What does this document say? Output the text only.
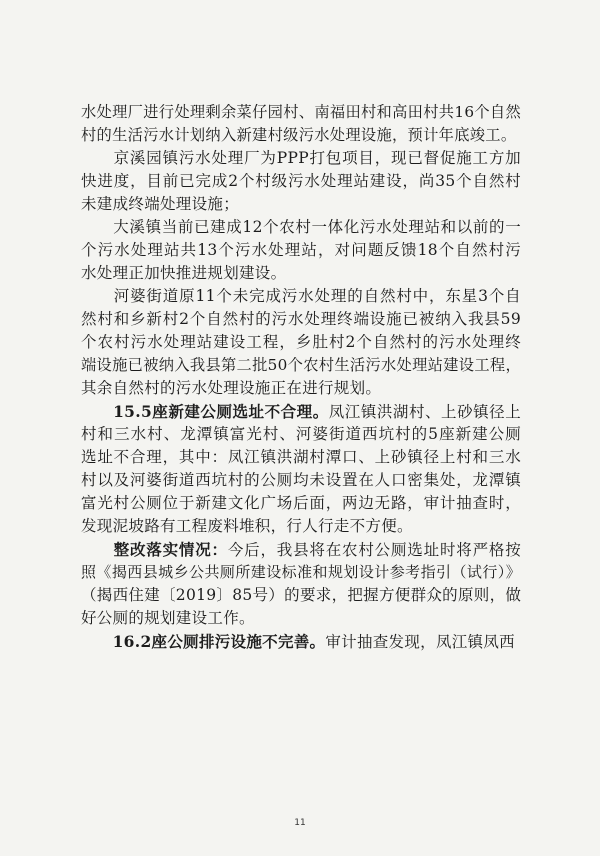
水处理厂进行处理剩余菜仔园村、南福田村和高田村共16个自然
村的生活污水计划纳入新建村级污水处理设施，预计年底竣工。
　　京溪园镇污水处理厂为PPP打包项目，现已督促施工方加
快进度，目前已完成2个村级污水处理站建设，尚35个自然村
未建成终端处理设施；
　　大溪镇当前已建成12个农村一体化污水处理站和以前的一
个污水处理站共13个污水处理站，对问题反馈18个自然村污
水处理正加快推进规划建设。
　　河婆街道原11个未完成污水处理的自然村中，东星3个自
然村和乡新村2个自然村的污水处理终端设施已被纳入我县59
个农村污水处理站建设工程，乡肚村2个自然村的污水处理终
端设施已被纳入我县第二批50个农村生活污水处理站建设工程，
其余自然村的污水处理设施正在进行规划。
　　15.5座新建公厕选址不合理。凤江镇洪湖村、上砂镇径上
村和三水村、龙潭镇富光村、河婆街道西坑村的5座新建公厕
选址不合理，其中：凤江镇洪湖村潭口、上砂镇径上村和三水
村以及河婆街道西坑村的公厕均未设置在人口密集处，龙潭镇
富光村公厕位于新建文化广场后面，两边无路，审计抽查时，
发现泥坡路有工程废料堆积，行人行走不方便。
　　整改落实情况：今后，我县将在农村公厕选址时将严格按
照《揭西县城乡公共厕所建设标准和规划设计参考指引（试行）》
（揭西住建〔2019〕85号）的要求，把握方便群众的原则，做
好公厕的规划建设工作。
　　16.2座公厕排污设施不完善。审计抽查发现，凤江镇凤西
11
